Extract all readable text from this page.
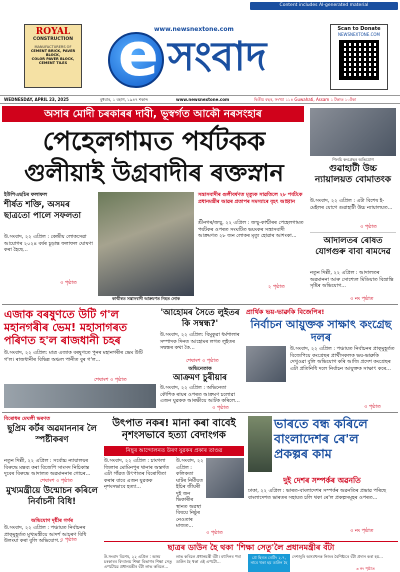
Content includes AI-generated material
ROYAL
CONSTRUCTION
MANUFACTURERS OF
CEMENT BRICK, PAVER BLOCK,
COLOR PAVER BLOCK,
CEMENT TILES
www.newsnextone.com
e সংবাদ
Scan to Donate
NEWSNEXTONE.COM
WEDNESDAY, APRIL 23, 2025	বুধবাৰ, ১ বহাগ, ১৯৪৭ শকাব্দ	www.newsnextone.com	দ্বিতীয় বছৰ, সংখ্যা ১১৪ Guwahati, Assam ১ টকাত ১০টকা
অসাৰ মোদী চৰকাৰৰ দাবী, ভূস্বৰ্গত আকৌ নৰসংহাৰ
পেহেলগামত পৰ্যটকক
গুলীয়াই উগ্ৰবাদীৰ ৰক্তস্নান	শিলচি কংগ্ৰেছৰ অভিযোগ
গুৱাহাটী উচ্চ ন্যায়ালয়ত বোমাতংক
উ.সংবাদ, ২২ এপ্ৰিল : এটা বিশেষ ই-মেইলৰ যোগে গুৱাহাটী উচ্চ ন্যায়ালয়ত...
৩ পৃষ্ঠাত
আদালতৰ ৰোষত যোগগুৰু বাবা ৰামদেৱ
নতুন দিল্লী, ২২ এপ্ৰিল : আদালতৰ অৱমাননা আৰু সোশ্যেল মিডিয়াত বিভ্ৰান্তি সৃষ্টিৰ অভিযোগ...
৩ নং পৃষ্ঠাত
ইউপিএছচিৰ ফলাফল
শীৰ্ষত শক্তি, অসমৰ ছাত্ৰতো পালে সফলতা
উ.সংবাদ, ২২ এপ্ৰিল : কেন্দ্ৰীয় লোকসেৱা আয়োগৰ ২০২৪ বৰ্ষৰ চূড়ান্ত ফলাফল ঘোষণা কৰা হৈছে...
৩ পৃষ্ঠাত
কাশ্মীৰত সন্ত্ৰাসবাদী আক্ৰমণত নিহত লোক
সন্ত্ৰাসবাদীৰ গুলীবৰ্ষণত মৃত্যুক সাৱতিলে ২৮ পৰ্যটকে প্ৰধানমন্ত্ৰীৰ আৱৰ প্ৰতাপৰ সমস্যাৰে বৃহৎ আহ্বান
শ্ৰীনগৰ/জম্মু, ২২ এপ্ৰিল : জম্মু-কাশ্মীৰৰ পেহেলগামত পৰ্যটকৰ ওপৰত সংঘটিত ভয়ংকৰ সন্ত্ৰাসবাদী আক্ৰমণত ২৮ জন লোকৰ মৃত্যু হোৱাৰ আশংকা...
২ পৃষ্ঠাত
এজাক বৰষুণতে উটি গ'ল মহানগৰীৰ ভেম! মহাসাগৰত পৰিণত হ'ল ৰাজধানী চহৰ
উ.সংবাদ, ২২ এপ্ৰিল: মাত্ৰ এজাক বৰষুণতে পুনৰ মহানগৰীৰ ভেম উটি গ'ল। ৰাজধানীৰ বিভিন্ন অঞ্চল পানীত বুৰ গ'ল...
শেষাংশ ৩ পৃষ্ঠাত
'আহোমৰ সৈতে লুইতৰ কি সম্বন্ধ?'
উ.সংবাদ, ২২ এপ্ৰিল: বিমুকুৱা ধৰ্মশালাৰ সম্পাদক দিনত আহোমৰ লগত লুইতৰ সম্বন্ধৰ কথা কৈ...
শেষাংশ ৩ পৃষ্ঠাত
অভিনেতাক
আক্ৰমণ চুৰীয়াৰ
উ.সংবাদ, ২২ এপ্ৰিল : অভিনেতা কৌশিক ৰায়ৰ ওপৰত আক্ৰমণ চলোৱা এজন যুৱকক আৰক্ষীয়ে আটক কৰিলে...
৩ পৃষ্ঠাত
প্ৰাৰ্থিক ভয়-ভাৱুকি বিজেপিৰ!
নিৰ্বাচন আয়ুক্তক সাক্ষাৎ কংগ্ৰেছ দলৰ
উ.সংবাদ, ২২ এপ্ৰিল : পঞ্চায়ত নিৰ্বাচনৰ প্ৰাক্‌মুহূৰ্তত বিজেপিয়ে কংগ্ৰেছৰ প্ৰাৰ্থীসকলক ভয়-ভাৱুকি দেখুওৱা বুলি অভিযোগ কৰি আজি প্ৰদেশ কংগ্ৰেছৰ এটা প্ৰতিনিধি দলে নিৰ্বাচন আয়ুক্তক সাক্ষাৎ কৰে...
৩ পৃষ্ঠাত
বিৰোধৰ মেঘলী ভৰণত
ছুপ্ৰিম কৰ্টৰ অৱমাননাৰ লৈ স্পষ্টীকৰণ
নতুন দিল্লী, ২২ এপ্ৰিল : সৰ্বোচ্চ ন্যায়ালয়ৰ বিৰুদ্ধে মন্তব্য কৰা বিজেপি সাংসদ নিচিকান্ত দুবেৰ বিৰুদ্ধে আদালত অৱমাননাৰ গোচৰ...
শেষাংশ ৩ পৃষ্ঠাত
মুখ্যমন্ত্ৰীয়ে উন্মোচন কৰিলে নিৰ্বাচনী বিধি!
অভিযোগ দৃষ্টীৰ গৰ্গৰ
উ.সংবাদ, ২২ এপ্ৰিল : পঞ্চায়ত নিৰ্বাচনৰ প্ৰাক্‌মুহূৰ্তত মুখ্যমন্ত্ৰীয়ে আদৰ্শ আচৰণ বিধি উলংঘা কৰা বুলি অভিযোগ...
৩ পৃষ্ঠাত
উৎপাত নকৰ! মানা কৰা বাবেই নৃশংসভাবে হত্যা বেদাংগক
নিছুৰ আন্দোলনত উৰণ যুৱকৰ প্ৰকাৰ তাণ্ডৱ
উ.সংবাদ, ২২ এপ্ৰিল : চাংগলা জিলাৰ মোমিনপুৰ থানাৰ অন্তৰ্গত এটা গাঁৱত উৎপাতৰ বিৰোধিতা কৰাৰ বাবে এজন যুৱকক নৃশংসভাবে হত্যা...
উ.সংবাদ, ২২ এপ্ৰিল : কলিকতা ঘাটৰ নিৰ্মীয়ত ইচিৰ জীয়ৰী দুই জন ভিকাৰীৰ স্থানত অৱস্থা বিষয়ে নিষ্ঠুৰ নেওতাৰ মাজত...
৩ পৃষ্ঠাত
ভাৰতে বন্ধ কৰিলে বাংলাদেশৰ ৰে'ল প্ৰকল্পৰ কাম
দুই দেশৰ সম্পৰ্কৰ অৱনতি
ঢাকা, ২২ এপ্ৰিল : ভাৰত-বাংলাদেশৰ সম্পৰ্কৰ অৱনতিৰ প্ৰভাৱ পৰিছে বাংলাদেশত ভাৰতৰ সহায়ত চলি থকা ৰে'ল প্ৰকল্পসমূহৰ ওপৰত...
৩ নং পৃষ্ঠাত
ছাত্ৰৰ ডাউন হৈ থকা 'শিক্ষা সেতু'লৈ প্ৰধানমন্ত্ৰীৰ বঁটা
উ.সংবাদ বিশেষ, ২২ এপ্ৰিল : অসম চৰকাৰৰ বিদ্যালয় শিক্ষা বিভাগৰ শিক্ষা সেতু এপটোৱে প্ৰধানমন্ত্ৰীৰ বঁটা লাভ কৰিলে...
লাভ কৰিলে প্ৰধানমন্ত্ৰী বঁটা। বহুদিনৰ পৰা ডাউন হৈ থকা এই এপটো...
প্ৰে ছিৰত ৰেটিং ২.৭, নাবে থকা হয় ডাউন হৈ
দেশজুৰি অসমখনক নিজৰ বৈশিষ্ট্যৰে বঁটা প্ৰদান কৰা হয়...
৩ নং পৃষ্ঠাত
